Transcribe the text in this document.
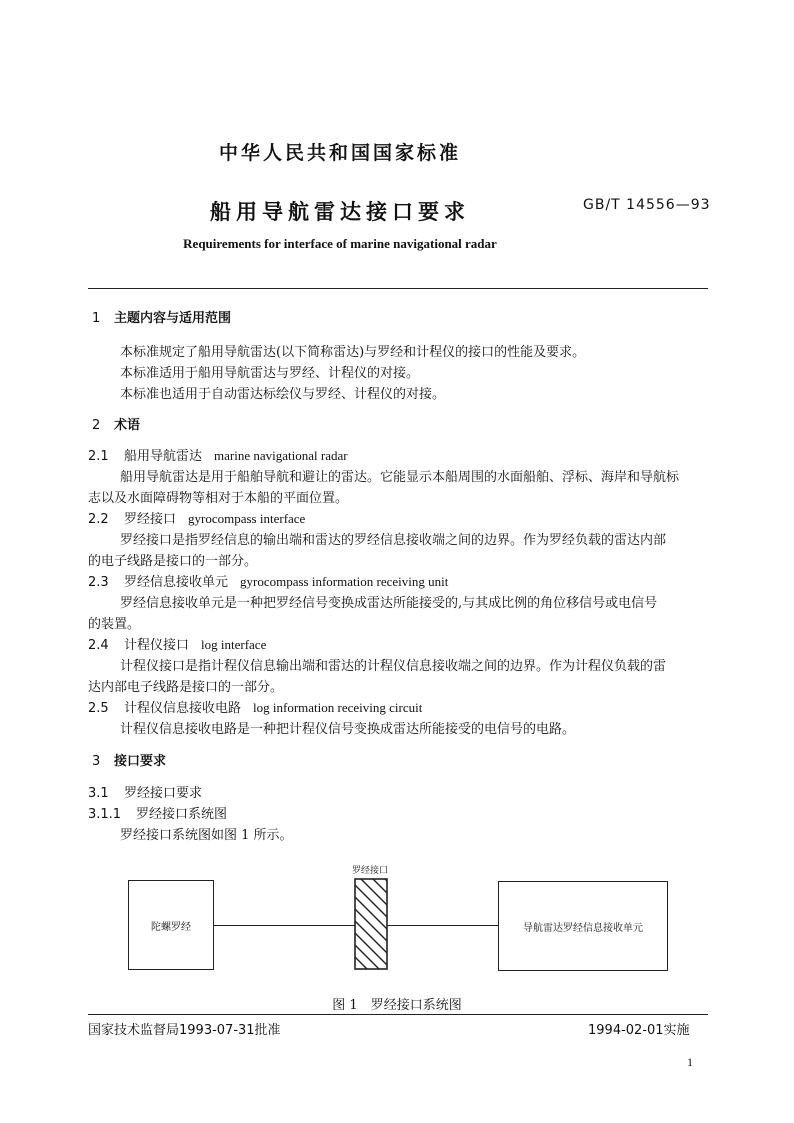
中华人民共和国国家标准

船用导航雷达接口要求	GB/T 14556—93

Requirements for interface of marine navigational radar

1 主题内容与适用范围

本标准规定了船用导航雷达(以下简称雷达)与罗经和计程仪的接口的性能及要求。

本标准适用于船用导航雷达与罗经、计程仪的对接。

本标准也适用于自动雷达标绘仪与罗经、计程仪的对接。

2 术语

2.1 船用导航雷达 marine navigational radar

船用导航雷达是用于船舶导航和避让的雷达。它能显示本船周围的水面船舶、浮标、海岸和导航标

志以及水面障碍物等相对于本船的平面位置。

2.2 罗经接口 gyrocompass interface

罗经接口是指罗经信息的输出端和雷达的罗经信息接收端之间的边界。作为罗经负载的雷达内部

的电子线路是接口的一部分。

2.3 罗经信息接收单元 gyrocompass information receiving unit

罗经信息接收单元是一种把罗经信号变换成雷达所能接受的,与其成比例的角位移信号或电信号

的装置。

2.4 计程仪接口 log interface

计程仪接口是指计程仪信息输出端和雷达的计程仪信息接收端之间的边界。作为计程仪负载的雷

达内部电子线路是接口的一部分。

2.5 计程仪信息接收电路 log information receiving circuit

计程仪信息接收电路是一种把计程仪信号变换成雷达所能接受的电信号的电路。

3 接口要求

3.1 罗经接口要求

3.1.1 罗经接口系统图

罗经接口系统图如图 1 所示。

陀螺罗经

罗经接口

导航雷达罗经信息接收单元

图 1　罗经接口系统图

国家技术监督局1993-07-31批准	1994-02-01实施

1
